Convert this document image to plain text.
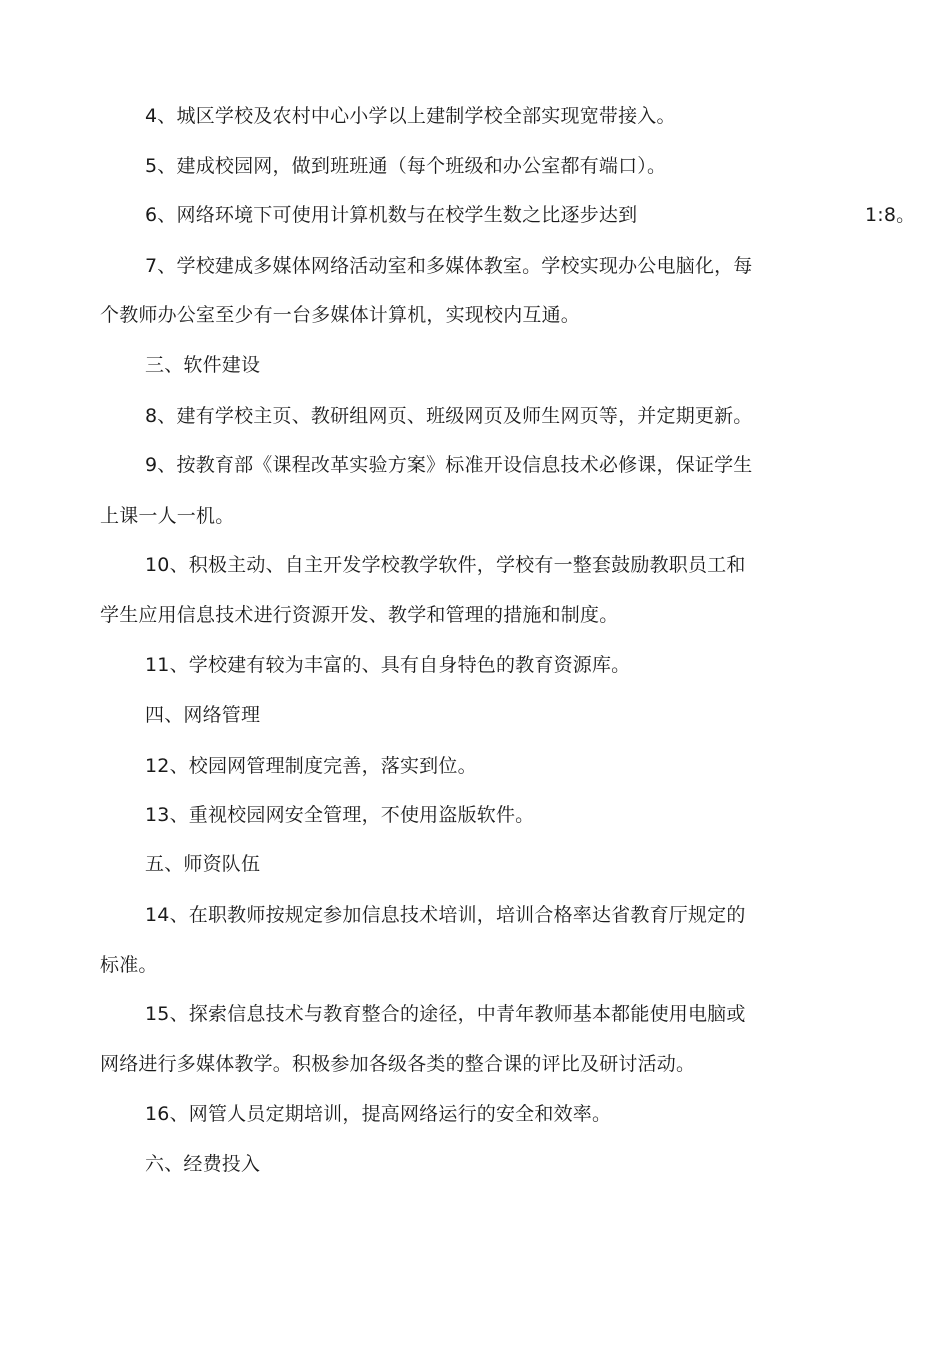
4、城区学校及农村中心小学以上建制学校全部实现宽带接入。
5、建成校园网，做到班班通（每个班级和办公室都有端口）。
6、网络环境下可使用计算机数与在校学生数之比逐步达到	1:8。
7、学校建成多媒体网络活动室和多媒体教室。学校实现办公电脑化，每
个教师办公室至少有一台多媒体计算机，实现校内互通。
三、软件建设
8、建有学校主页、教研组网页、班级网页及师生网页等，并定期更新。
9、按教育部《课程改革实验方案》标准开设信息技术必修课，保证学生
上课一人一机。
10、积极主动、自主开发学校教学软件，学校有一整套鼓励教职员工和
学生应用信息技术进行资源开发、教学和管理的措施和制度。
11、学校建有较为丰富的、具有自身特色的教育资源库。
四、网络管理
12、校园网管理制度完善，落实到位。
13、重视校园网安全管理，不使用盗版软件。
五、师资队伍
14、在职教师按规定参加信息技术培训，培训合格率达省教育厅规定的
标准。
15、探索信息技术与教育整合的途径，中青年教师基本都能使用电脑或
网络进行多媒体教学。积极参加各级各类的整合课的评比及研讨活动。
16、网管人员定期培训，提高网络运行的安全和效率。
六、经费投入
